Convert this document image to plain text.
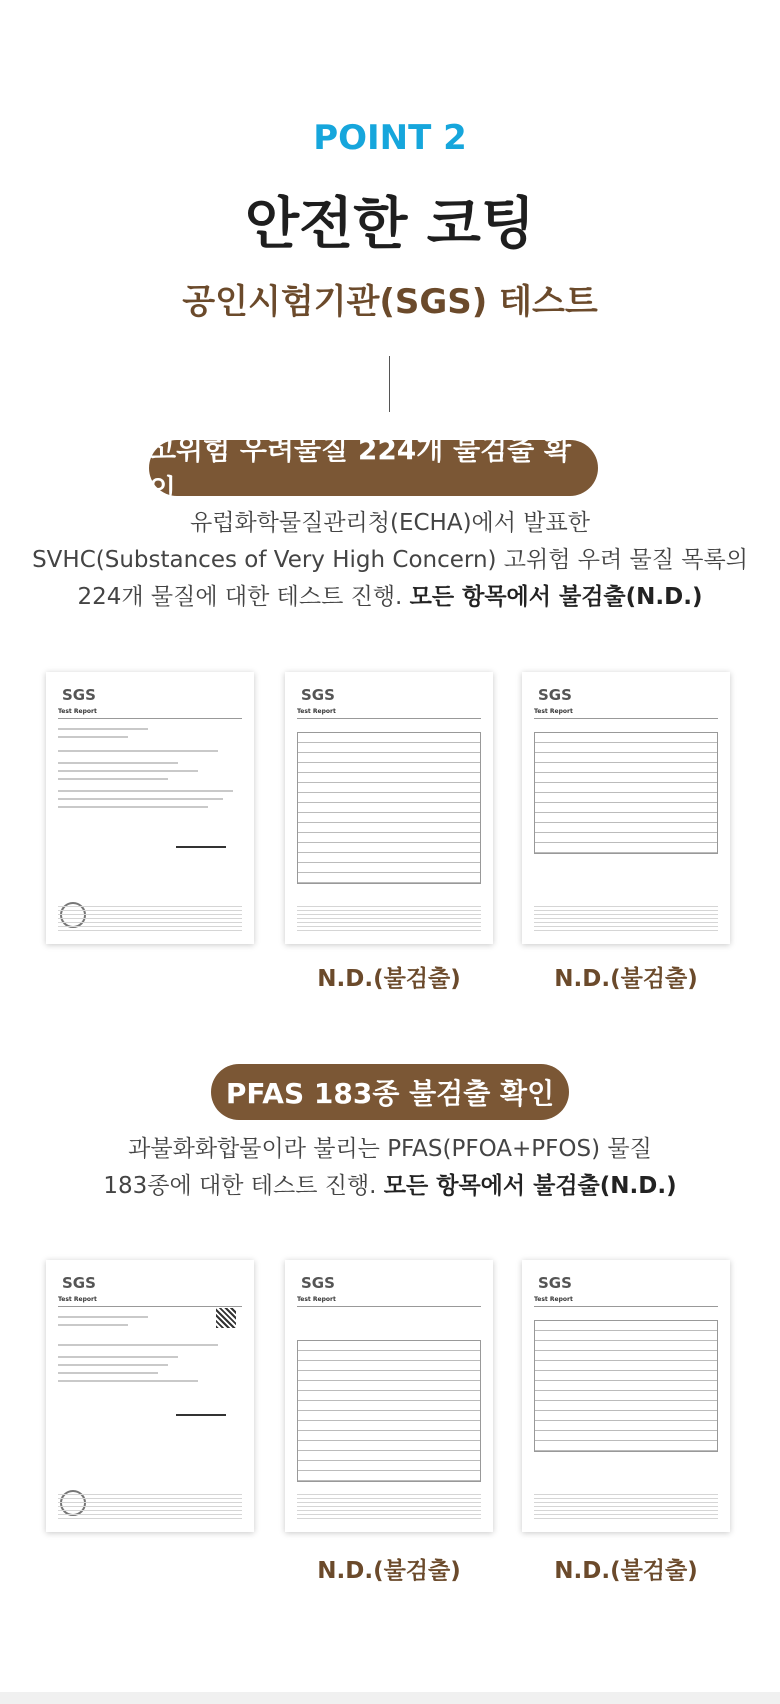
POINT 2
안전한 코팅
공인시험기관(SGS) 테스트
고위험 우려물질 224개 불검출 확인
유럽화학물질관리청(ECHA)에서 발표한
SVHC(Substances of Very High Concern) 고위험 우려 물질 목록의
224개 물질에 대한 테스트 진행. 모든 항목에서 불검출(N.D.)
SGS
Test Report
SGS
Test Report
SGS
Test Report
N.D.(불검출)	N.D.(불검출)
PFAS 183종 불검출 확인
과불화화합물이라 불리는 PFAS(PFOA+PFOS) 물질
183종에 대한 테스트 진행. 모든 항목에서 불검출(N.D.)
SGS
Test Report
SGS
Test Report
SGS
Test Report
N.D.(불검출)	N.D.(불검출)
